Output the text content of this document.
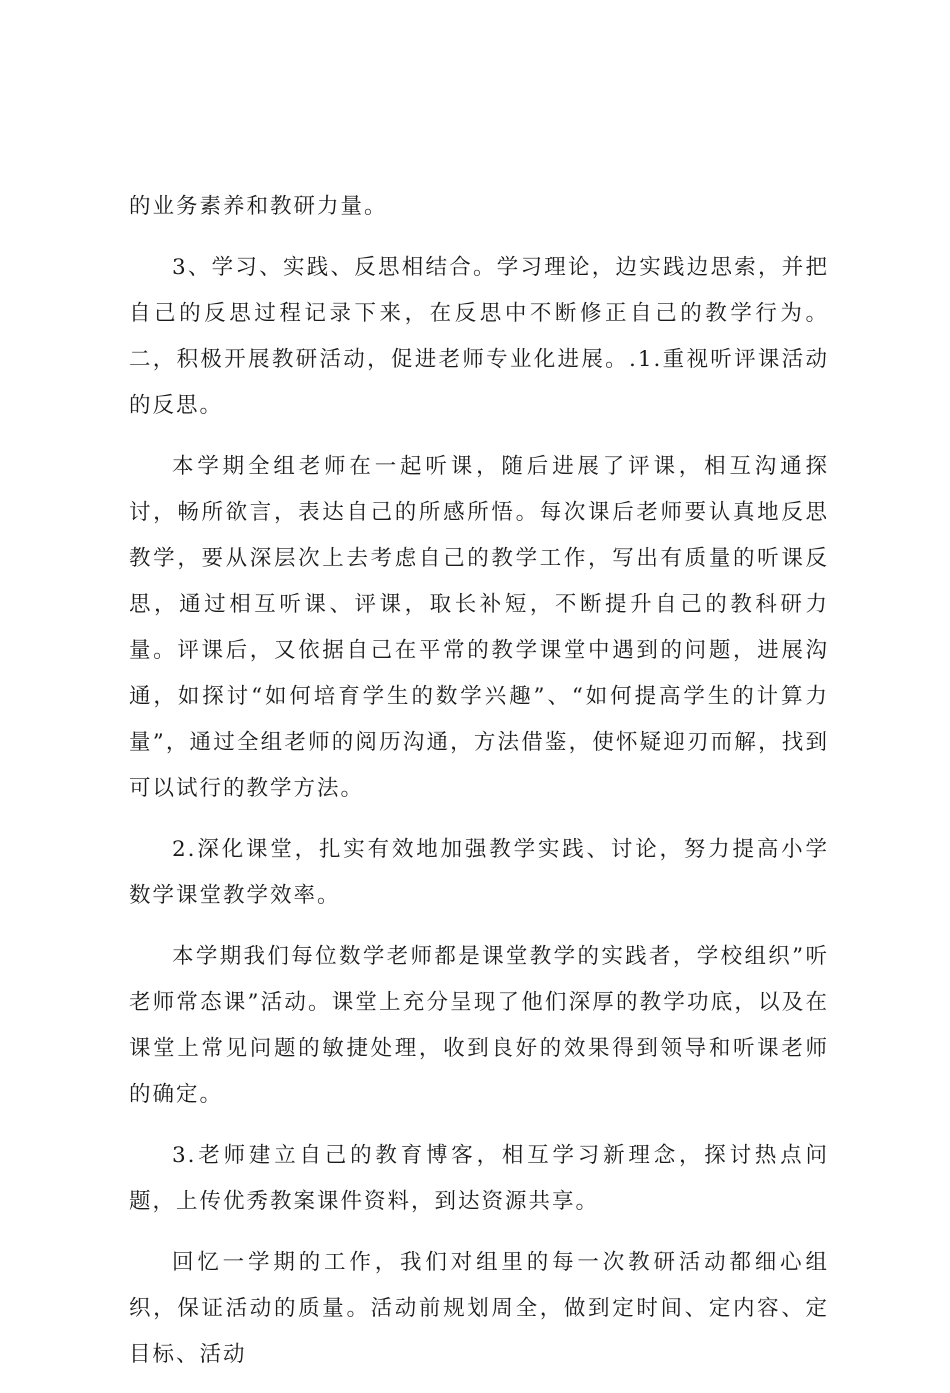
的业务素养和教研力量。

3、学习、实践、反思相结合。学习理论，边实践边思索，并把自己的反思过程记录下来，在反思中不断修正自己的教学行为。二，积极开展教研活动，促进老师专业化进展。.1.重视听评课活动的反思。

本学期全组老师在一起听课，随后进展了评课，相互沟通探讨，畅所欲言，表达自己的所感所悟。每次课后老师要认真地反思教学，要从深层次上去考虑自己的教学工作，写出有质量的听课反思，通过相互听课、评课，取长补短，不断提升自己的教科研力量。评课后，又依据自己在平常的教学课堂中遇到的问题，进展沟通，如探讨“如何培育学生的数学兴趣”、“如何提高学生的计算力量”，通过全组老师的阅历沟通，方法借鉴，使怀疑迎刃而解，找到可以试行的教学方法。

2.深化课堂，扎实有效地加强教学实践、讨论，努力提高小学数学课堂教学效率。

本学期我们每位数学老师都是课堂教学的实践者，学校组织”听老师常态课”活动。课堂上充分呈现了他们深厚的教学功底，以及在课堂上常见问题的敏捷处理，收到良好的效果得到领导和听课老师的确定。

3.老师建立自己的教育博客，相互学习新理念，探讨热点问题，上传优秀教案课件资料，到达资源共享。

回忆一学期的工作，我们对组里的每一次教研活动都细心组织，保证活动的质量。活动前规划周全，做到定时间、定内容、定目标、活动
